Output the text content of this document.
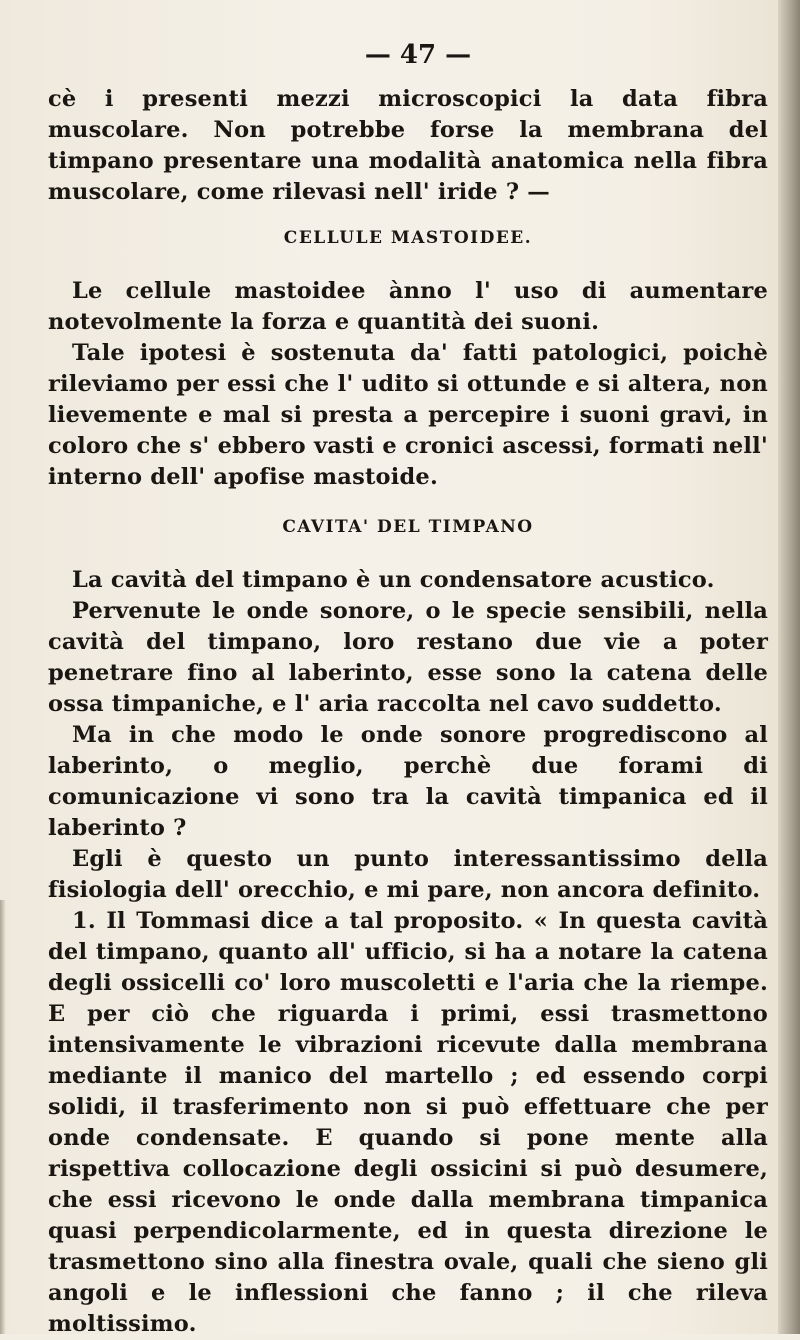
— 47 —

cè i presenti mezzi microscopici la data fibra muscolare. Non potrebbe forse la membrana del timpano presentare una modalità anatomica nella fibra muscolare, come rilevasi nell' iride ? —

CELLULE MASTOIDEE.

Le cellule mastoidee ànno l' uso di aumentare notevolmente la forza e quantità dei suoni.

Tale ipotesi è sostenuta da' fatti patologici, poichè rileviamo per essi che l' udito si ottunde e si altera, non lievemente e mal si presta a percepire i suoni gravi, in coloro che s' ebbero vasti e cronici ascessi, formati nell' interno dell' apofise mastoide.

CAVITA' DEL TIMPANO

La cavità del timpano è un condensatore acustico.

Pervenute le onde sonore, o le specie sensibili, nella cavità del timpano, loro restano due vie a poter penetrare fino al laberinto, esse sono la catena delle ossa timpaniche, e l' aria raccolta nel cavo suddetto.

Ma in che modo le onde sonore progrediscono al laberinto, o meglio, perchè due forami di comunicazione vi sono tra la cavità timpanica ed il laberinto ?

Egli è questo un punto interessantissimo della fisiologia dell' orecchio, e mi pare, non ancora definito.

1. Il Tommasi dice a tal proposito. « In questa cavità del timpano, quanto all' ufficio, si ha a notare la catena degli ossicelli co' loro muscoletti e l'aria che la riempe. E per ciò che riguarda i primi, essi trasmettono intensivamente le vibrazioni ricevute dalla membrana mediante il manico del martello ; ed essendo corpi solidi, il trasferimento non si può effettuare che per onde condensate. E quando si pone mente alla rispettiva collocazione degli ossicini si può desumere, che essi ricevono le onde dalla membrana timpanica quasi perpendicolarmente, ed in questa direzione le trasmettono sino alla finestra ovale, quali che sieno gli angoli e le inflessioni che fanno ; il che rileva moltissimo.
